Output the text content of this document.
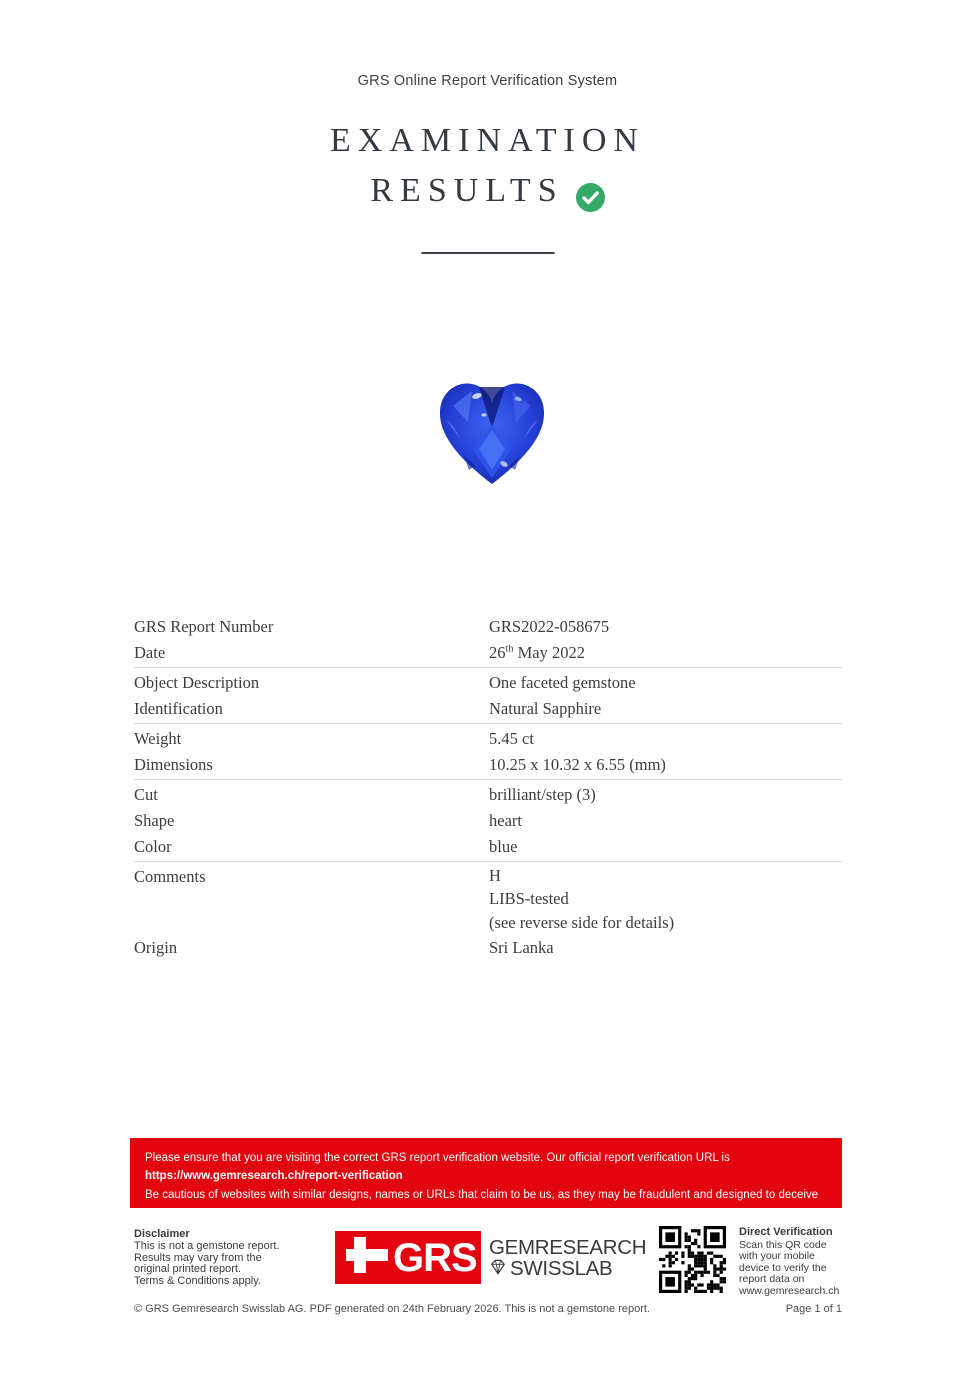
GRS Online Report Verification System
EXAMINATION
RESULTS
GRS Report Number	GRS2022-058675
Date	26th May 2022
Object Description	One faceted gemstone
Identification	Natural Sapphire
Weight	5.45 ct
Dimensions	10.25 x 10.32 x 6.55 (mm)
Cut	brilliant/step (3)
Shape	heart
Color	blue
Comments	H
LIBS-tested
(see reverse side for details)
Origin	Sri Lanka
Please ensure that you are visiting the correct GRS report verification website. Our official report verification URL is
https://www.gemresearch.ch/report-verification
Be cautious of websites with similar designs, names or URLs that claim to be us, as they may be fraudulent and designed to deceive you.
Disclaimer
This is not a gemstone report.
Results may vary from the
original printed report.
Terms & Conditions apply.
GRS GEMRESEARCH
SWISSLAB
Direct Verification
Scan this QR code
with your mobile
device to verify the
report data on
www.gemresearch.ch
© GRS Gemresearch Swisslab AG. PDF generated on 24th February 2026. This is not a gemstone report.	Page 1 of 1
